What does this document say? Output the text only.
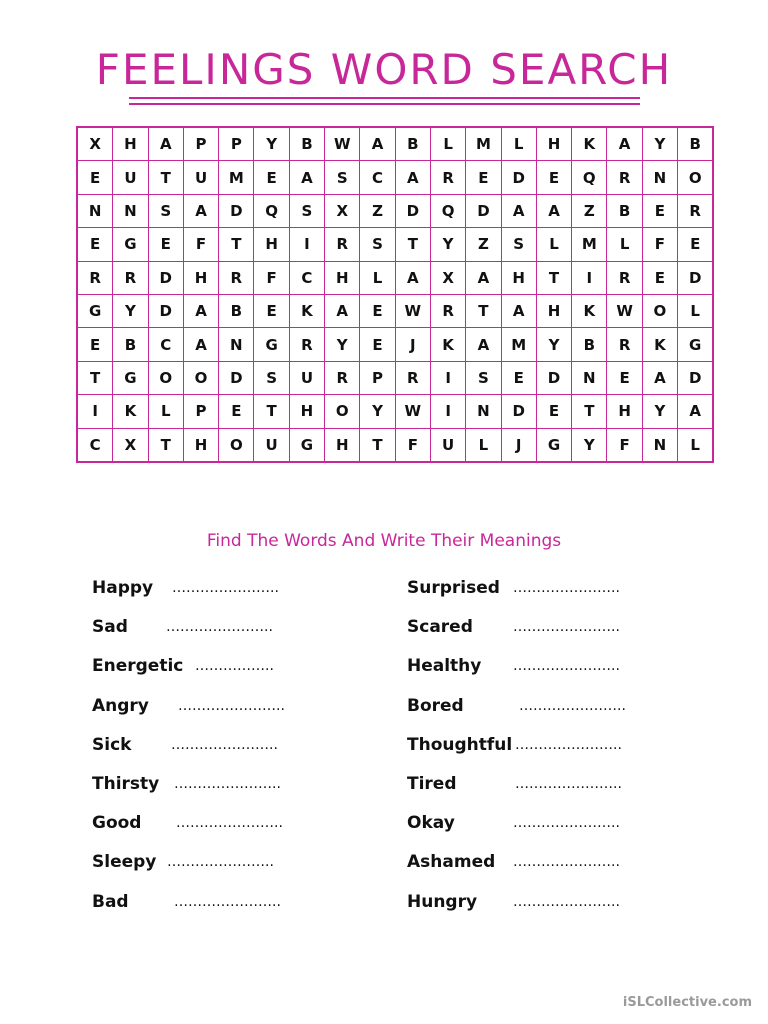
FEELINGS WORD SEARCH
X	H	A	P	P	Y	B	W	A	B	L	M	L	H	K	A	Y	B
E	U	T	U	M	E	A	S	C	A	R	E	D	E	Q	R	N	O
N	N	S	A	D	Q	S	X	Z	D	Q	D	A	A	Z	B	E	R
E	G	E	F	T	H	I	R	S	T	Y	Z	S	L	M	L	F	E
R	R	D	H	R	F	C	H	L	A	X	A	H	T	I	R	E	D
G	Y	D	A	B	E	K	A	E	W	R	T	A	H	K	W	O	L
E	B	C	A	N	G	R	Y	E	J	K	A	M	Y	B	R	K	G
T	G	O	O	D	S	U	R	P	R	I	S	E	D	N	E	A	D
I	K	L	P	E	T	H	O	Y	W	I	N	D	E	T	H	Y	A
C	X	T	H	O	U	G	H	T	F	U	L	J	G	Y	F	N	L
Find The Words And Write Their Meanings
Happy …………………..
Sad	…………………..
Energetic ……………..
Angry …………………..
Sick	…………………..
Thirsty …………………..
Good …………………..
Sleepy …………………..
Bad	…………………..
Surprised …………………..
Scared	…………………..
Healthy …………………..
Bored	…………………..
Thoughtful …………………..
Tired	…………………..
Okay	…………………..
Ashamed …………………..
Hungry	…………………..
iSLCollective.com
